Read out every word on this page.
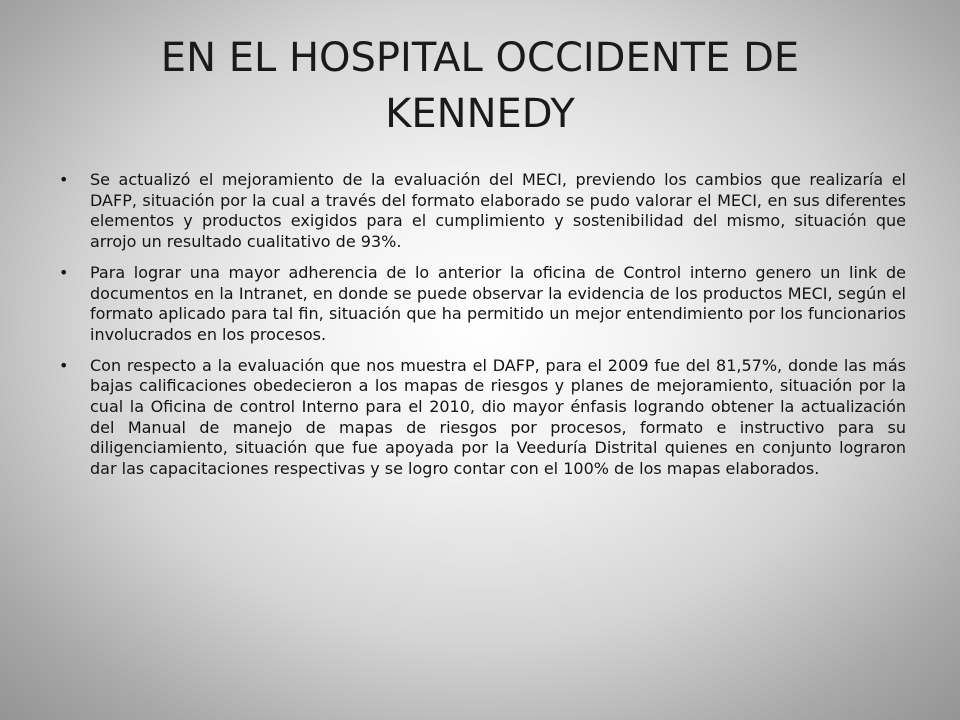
EN EL HOSPITAL OCCIDENTE DE KENNEDY
• Se actualizó el mejoramiento de la evaluación del MECI, previendo los cambios que realizaría el DAFP, situación por la cual a través del formato elaborado se pudo valorar el MECI, en sus diferentes elementos y productos exigidos para el cumplimiento y sostenibilidad del mismo, situación que arrojo un resultado cualitativo de 93%.
• Para lograr una mayor adherencia de lo anterior la oficina de Control interno genero un link de documentos en la Intranet, en donde se puede observar la evidencia de los productos MECI, según el formato aplicado para tal fin, situación que ha permitido un mejor entendimiento por los funcionarios involucrados en los procesos.
• Con respecto a la evaluación que nos muestra el DAFP, para el 2009 fue del 81,57%, donde las más bajas calificaciones obedecieron a los mapas de riesgos y planes de mejoramiento, situación por la cual la Oficina de control Interno para el 2010, dio mayor énfasis logrando obtener la actualización del Manual de manejo de mapas de riesgos por procesos, formato e instructivo para su diligenciamiento, situación que fue apoyada por la Veeduría Distrital quienes en conjunto lograron dar las capacitaciones respectivas y se logro contar con el 100% de los mapas elaborados.
